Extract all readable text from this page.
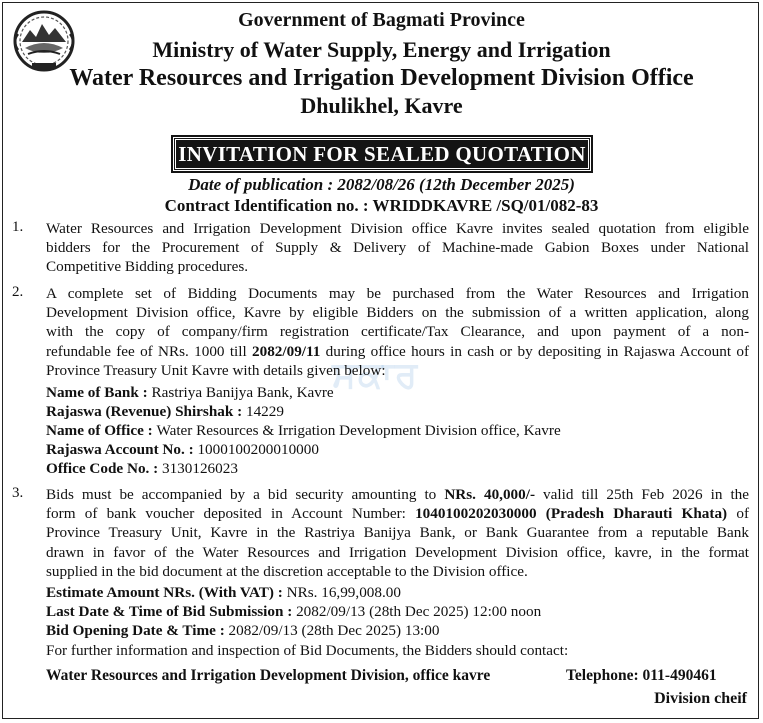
Government of Bagmati Province
Ministry of Water Supply, Energy and Irrigation
Water Resources and Irrigation Development Division Office
Dhulikhel, Kavre
INVITATION FOR SEALED QUOTATION
Date of publication : 2082/08/26 (12th December 2025)
Contract Identification no. : WRIDDKAVRE /SQ/01/082-83
ਸਕਾਰ
1. Water Resources and Irrigation Development Division office Kavre invites sealed quotation from eligible
bidders for the Procurement of Supply & Delivery of Machine-made Gabion Boxes under National
Competitive Bidding procedures.
2. A complete set of Bidding Documents may be purchased from the Water Resources and Irrigation
Development Division office, Kavre by eligible Bidders on the submission of a written application, along
with the copy of company/firm registration certificate/Tax Clearance, and upon payment of a non-
refundable fee of NRs. 1000 till 2082/09/11 during office hours in cash or by depositing in Rajaswa Account of
Province Treasury Unit Kavre with details given below:
Name of Bank : Rastriya Banijya Bank, Kavre
Rajaswa (Revenue) Shirshak : 14229
Name of Office : Water Resources & Irrigation Development Division office, Kavre
Rajaswa Account No. : 1000100200010000
Office Code No. : 3130126023
3. Bids must be accompanied by a bid security amounting to NRs. 40,000/- valid till 25th Feb 2026 in the
form of bank voucher deposited in Account Number: 1040100202030000 (Pradesh Dharauti Khata) of
Province Treasury Unit, Kavre in the Rastriya Banijya Bank, or Bank Guarantee from a reputable Bank
drawn in favor of the Water Resources and Irrigation Development Division office, kavre, in the format
supplied in the bid document at the discretion acceptable to the Division office.
Estimate Amount NRs. (With VAT) : NRs. 16,99,008.00
Last Date & Time of Bid Submission : 2082/09/13 (28th Dec 2025) 12:00 noon
Bid Opening Date & Time : 2082/09/13 (28th Dec 2025) 13:00
For further information and inspection of Bid Documents, the Bidders should contact:
Water Resources and Irrigation Development Division, office kavre	Telephone: 011-490461
Division cheif
